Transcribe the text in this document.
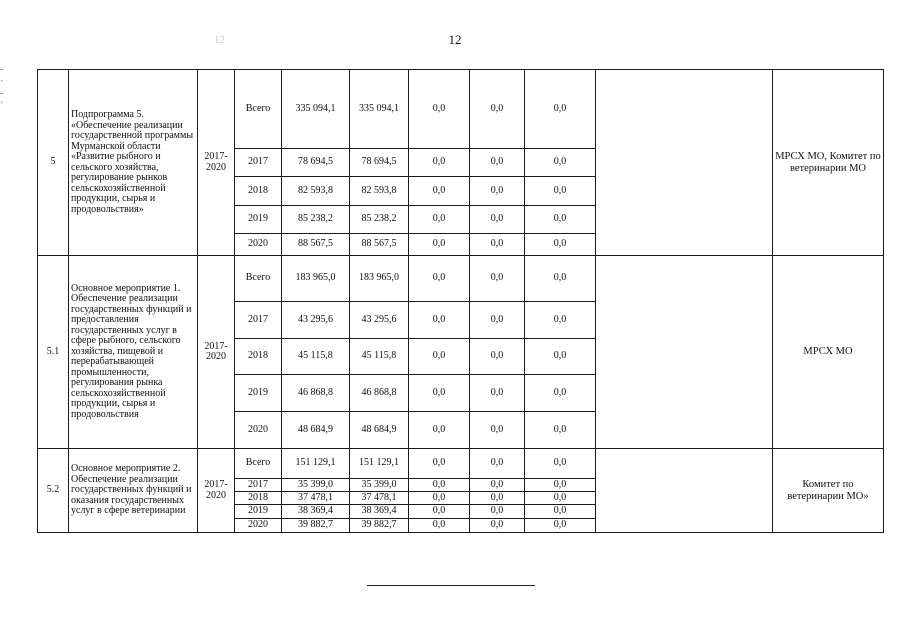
12
12
-
·
-
·
5	Подпрограмма 5. «Обеспечение реализации государственной программы Мурманской области «Развитие рыбного и сельского хозяйства, регулирование рынков сельскохозяйственной продукции, сырья и продовольствия»	2017-2020	Всего	335 094,1	335 094,1	0,0	0,0	0,0		МРСХ МО, Комитет по ветеринарии МО
			2017	78 694,5	78 694,5	0,0	0,0	0,0		
			2018	82 593,8	82 593,8	0,0	0,0	0,0		
			2019	85 238,2	85 238,2	0,0	0,0	0,0		
			2020	88 567,5	88 567,5	0,0	0,0	0,0		
5.1	Основное мероприятие 1. Обеспечение реализации государственных функций и предоставления государственных услуг в сфере рыбного, сельского хозяйства, пищевой и перерабатывающей промышленности, регулирования рынка сельскохозяйственной продукции, сырья и продовольствия	2017-2020	Всего	183 965,0	183 965,0	0,0	0,0	0,0		МРСХ МО
			2017	43 295,6	43 295,6	0,0	0,0	0,0		
			2018	45 115,8	45 115,8	0,0	0,0	0,0		
			2019	46 868,8	46 868,8	0,0	0,0	0,0		
			2020	48 684,9	48 684,9	0,0	0,0	0,0		
5.2	Основное мероприятие 2. Обеспечение реализации государственных функций и оказания государственных услуг в сфере ветеринарии	2017-2020	Всего	151 129,1	151 129,1	0,0	0,0	0,0		Комитет по ветеринарии МО»
			2017	35 399,0	35 399,0	0,0	0,0	0,0		
			2018	37 478,1	37 478,1	0,0	0,0	0,0		
			2019	38 369,4	38 369,4	0,0	0,0	0,0		
			2020	39 882,7	39 882,7	0,0	0,0	0,0		
